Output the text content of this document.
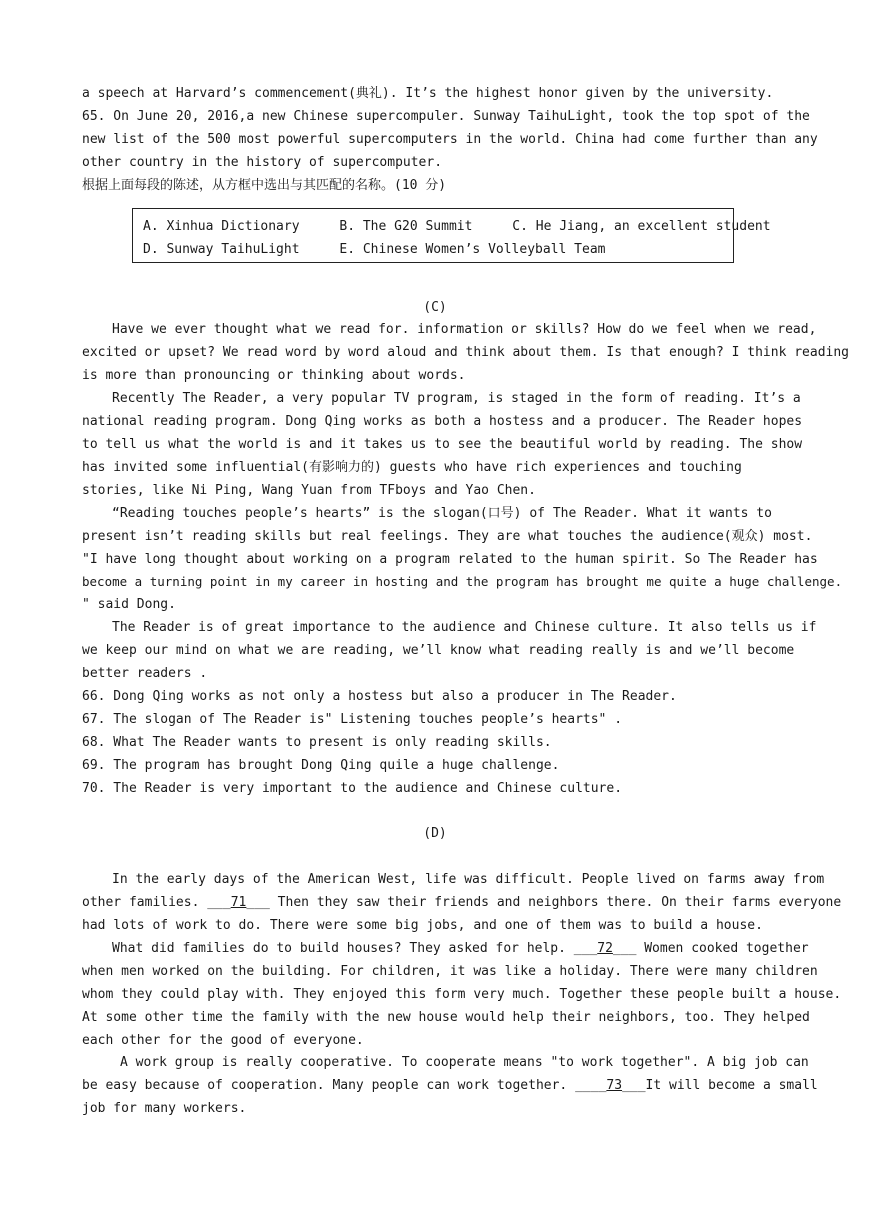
a speech at Harvard’s commencement(典礼). It’s the highest honor given by the university.
65. On June 20, 2016,a new Chinese supercompuler. Sunway TaihuLight, took the top spot of the
new list of the 500 most powerful supercomputers in the world. China had come further than any
other country in the history of supercomputer.
根据上面每段的陈述，从方框中选出与其匹配的名称。(10 分)
A. Xinhua Dictionary	B. The G20 Summit	C. He Jiang, an excellent student
D. Sunway TaihuLight	E. Chinese Women’s Volleyball Team
(C)
Have we ever thought what we read for. information or skills? How do we feel when we read,
excited or upset? We read word by word aloud and think about them. Is that enough? I think reading
is more than pronouncing or thinking about words.
Recently The Reader, a very popular TV program, is staged in the form of reading. It’s a
national reading program. Dong Qing works as both a hostess and a producer. The Reader hopes
to tell us what the world is and it takes us to see the beautiful world by reading. The show
has invited some influential(有影响力的) guests who have rich experiences and touching
stories, like Ni Ping, Wang Yuan from TFboys and Yao Chen.
“Reading touches people’s hearts” is the slogan(口号) of The Reader. What it wants to
present isn’t reading skills but real feelings. They are what touches the audience(观众) most.
"I have long thought about working on a program related to the human spirit. So The Reader has
become a turning point in my career in hosting and the program has brought me quite a huge challenge.
" said Dong.
The Reader is of great importance to the audience and Chinese culture. It also tells us if
we keep our mind on what we are reading, we’ll know what reading really is and we’ll become
better readers .
66. Dong Qing works as not only a hostess but also a producer in The Reader.
67. The slogan of The Reader is" Listening touches people’s hearts" .
68. What The Reader wants to present is only reading skills.
69. The program has brought Dong Qing quile a huge challenge.
70. The Reader is very important to the audience and Chinese culture.
(D)
In the early days of the American West, life was difficult. People lived on farms away from
other families. ___71___ Then they saw their friends and neighbors there. On their farms everyone
had lots of work to do. There were some big jobs, and one of them was to build a house.
What did families do to build houses? They asked for help. ___72___ Women cooked together
when men worked on the building. For children, it was like a holiday. There were many children
whom they could play with. They enjoyed this form very much. Together these people built a house.
At some other time the family with the new house would help their neighbors, too. They helped
each other for the good of everyone.
A work group is really cooperative. To cooperate means "to work together". A big job can
be easy because of cooperation. Many people can work together. ____73___It will become a small
job for many workers.
